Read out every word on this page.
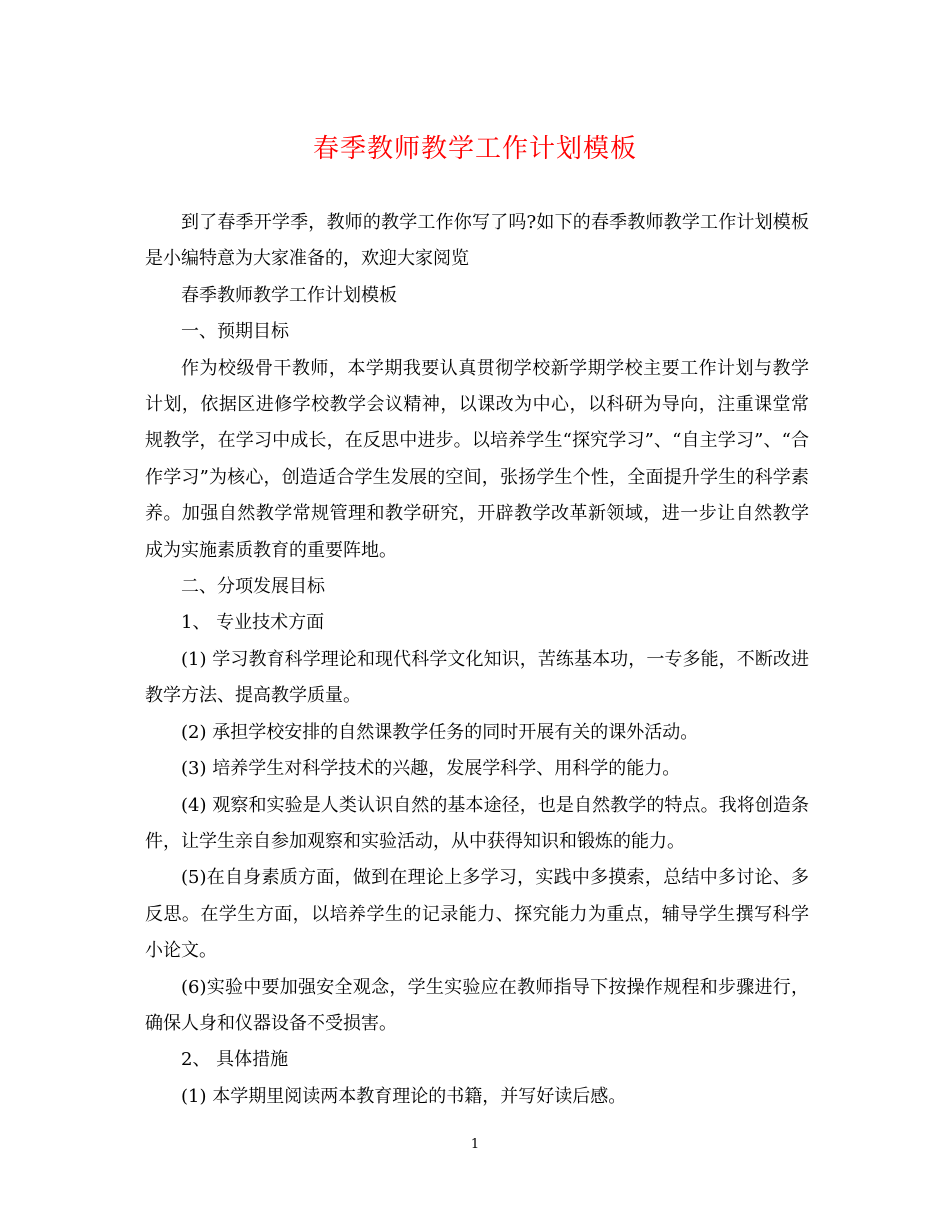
春季教师教学工作计划模板

到了春季开学季，教师的教学工作你写了吗?如下的春季教师教学工作计划模板是小编特意为大家准备的，欢迎大家阅览

春季教师教学工作计划模板

一、预期目标

作为校级骨干教师，本学期我要认真贯彻学校新学期学校主要工作计划与教学计划，依据区进修学校教学会议精神，以课改为中心，以科研为导向，注重课堂常规教学，在学习中成长，在反思中进步。以培养学生“探究学习”、“自主学习”、“合作学习”为核心，创造适合学生发展的空间，张扬学生个性，全面提升学生的科学素养。加强自然教学常规管理和教学研究，开辟教学改革新领域，进一步让自然教学成为实施素质教育的重要阵地。

二、分项发展目标

1、 专业技术方面

(1) 学习教育科学理论和现代科学文化知识，苦练基本功，一专多能，不断改进教学方法、提高教学质量。

(2) 承担学校安排的自然课教学任务的同时开展有关的课外活动。

(3) 培养学生对科学技术的兴趣，发展学科学、用科学的能力。

(4) 观察和实验是人类认识自然的基本途径，也是自然教学的特点。我将创造条件，让学生亲自参加观察和实验活动，从中获得知识和锻炼的能力。

(5)在自身素质方面，做到在理论上多学习，实践中多摸索，总结中多讨论、多反思。在学生方面，以培养学生的记录能力、探究能力为重点，辅导学生撰写科学小论文。

(6)实验中要加强安全观念，学生实验应在教师指导下按操作规程和步骤进行，确保人身和仪器设备不受损害。

2、 具体措施

(1) 本学期里阅读两本教育理论的书籍，并写好读后感。

1
